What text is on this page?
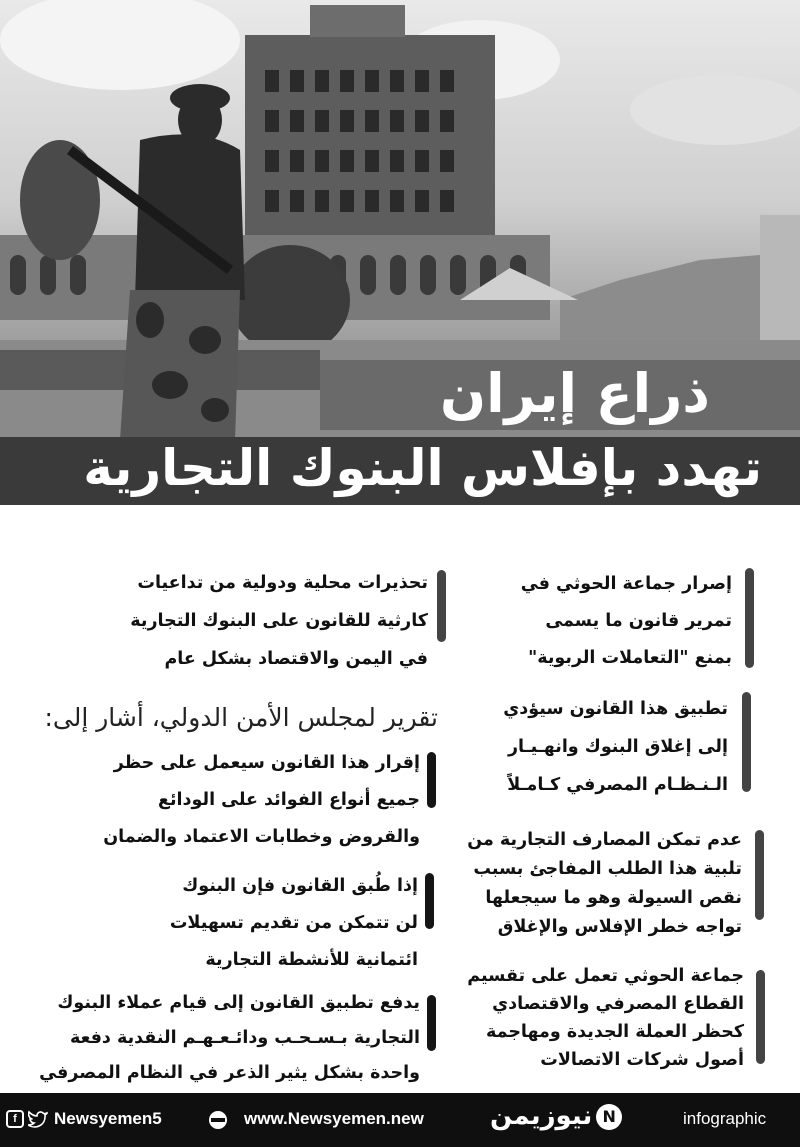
ذراع إيران
تهدد بإفلاس البنوك التجارية
إصرار جماعة الحوثي في
تمرير قانون ما يسمى
بمنع "التعاملات الربوية"
تطبيق هذا القانون سيؤدي
إلى إغلاق البنوك وانهـيـار
الـنـظـام المصرفي كـامـلاً
عدم تمكن المصارف التجارية من
تلبية هذا الطلب المفاجئ بسبب
نقص السيولة وهو ما سيجعلها
تواجه خطر الإفلاس والإغلاق
جماعة الحوثي تعمل على تقسيم
القطاع المصرفي والاقتصادي
كحظر العملة الجديدة ومهاجمة
أصول شركات الاتصالات
تحذيرات محلية ودولية من تداعيات
كارثية للقانون على البنوك التجارية
في اليمن والاقتصاد بشكل عام
تقرير لمجلس الأمن الدولي، أشار إلى:
إقرار هذا القانون سيعمل على حظر
جميع أنواع الفوائد على الودائع
والقروض وخطابات الاعتماد والضمان
إذا طُبق القانون فإن البنوك
لن تتمكن من تقديم تسهيلات
ائتمانية للأنشطة التجارية
يدفع تطبيق القانون إلى قيام عملاء البنوك
التجارية بـسـحـب ودائـعـهـم النقدية دفعة
واحدة بشكل يثير الذعر في النظام المصرفي
f	Newsyemen5	www.Newsyemen.new	Nنيوزيمن	infographic
